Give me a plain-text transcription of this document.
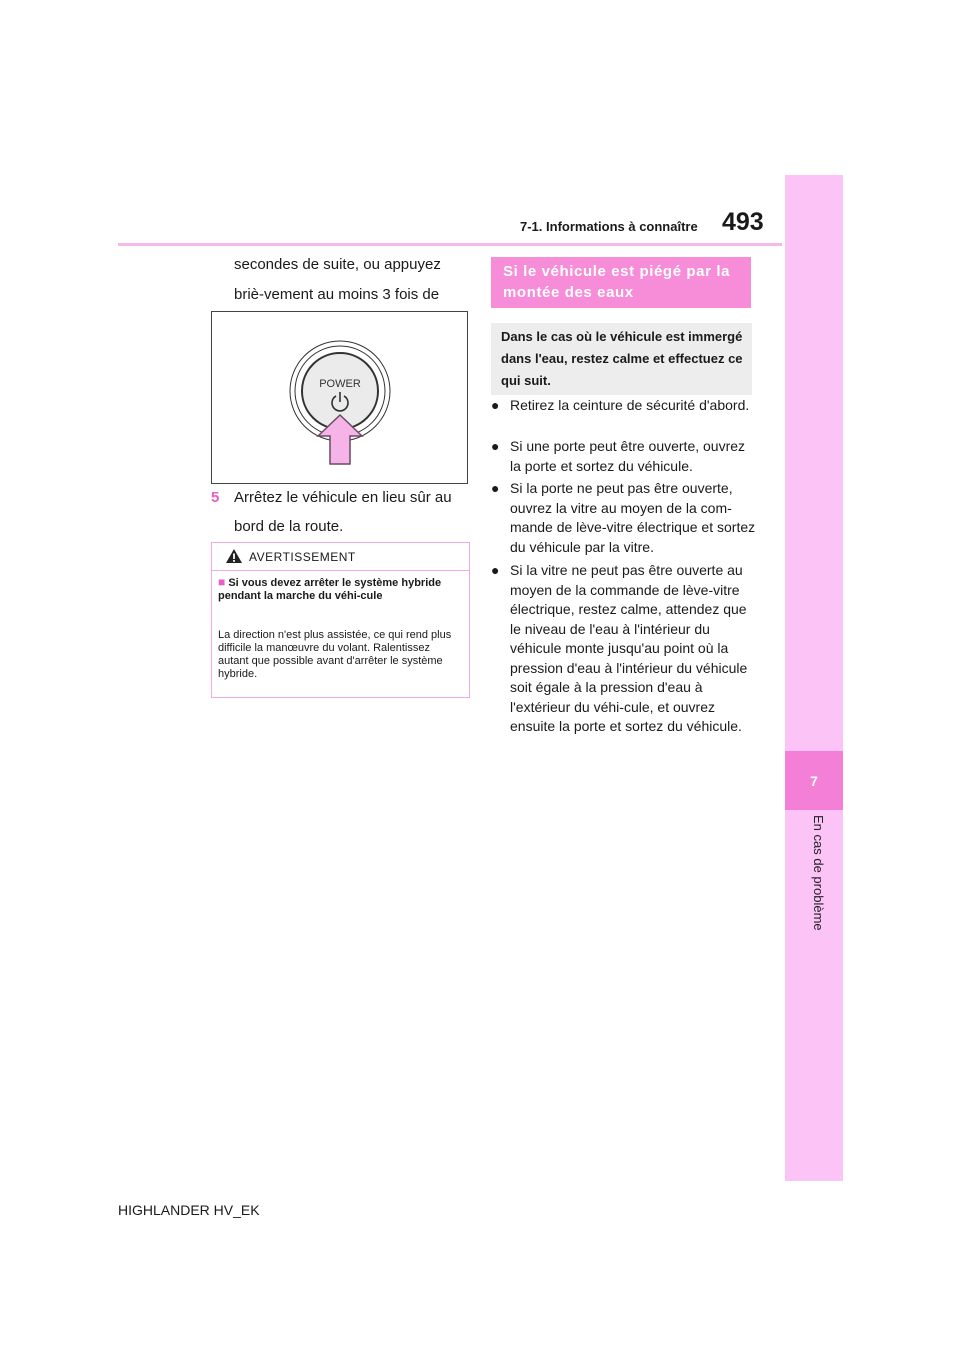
7
En cas de problème
493
7-1. Informations à connaître
secondes de suite, ou appuyez briè-vement au moins 3 fois de
POWER
5 Arrêtez le véhicule en lieu sûr au bord de la route.
AVERTISSEMENT
■ Si vous devez arrêter le système hybride pendant la marche du véhi-cule
La direction n'est plus assistée, ce qui rend plus difficile la manœuvre du volant. Ralentissez autant que possible avant d'arrêter le système hybride.
Si le véhicule est piégé par la montée des eaux
Dans le cas où le véhicule est immergé dans l'eau, restez calme et effectuez ce qui suit.
● Retirez la ceinture de sécurité d'abord.
● Si une porte peut être ouverte, ouvrez la porte et sortez du véhicule.
● Si la porte ne peut pas être ouverte, ouvrez la vitre au moyen de la com-mande de lève-vitre électrique et sortez du véhicule par la vitre.
● Si la vitre ne peut pas être ouverte au moyen de la commande de lève-vitre électrique, restez calme, attendez que le niveau de l'eau à l'intérieur du véhicule monte jusqu'au point où la pression d'eau à l'intérieur du véhicule soit égale à la pression d'eau à l'extérieur du véhi-cule, et ouvrez ensuite la porte et sortez du véhicule.
HIGHLANDER HV_EK
